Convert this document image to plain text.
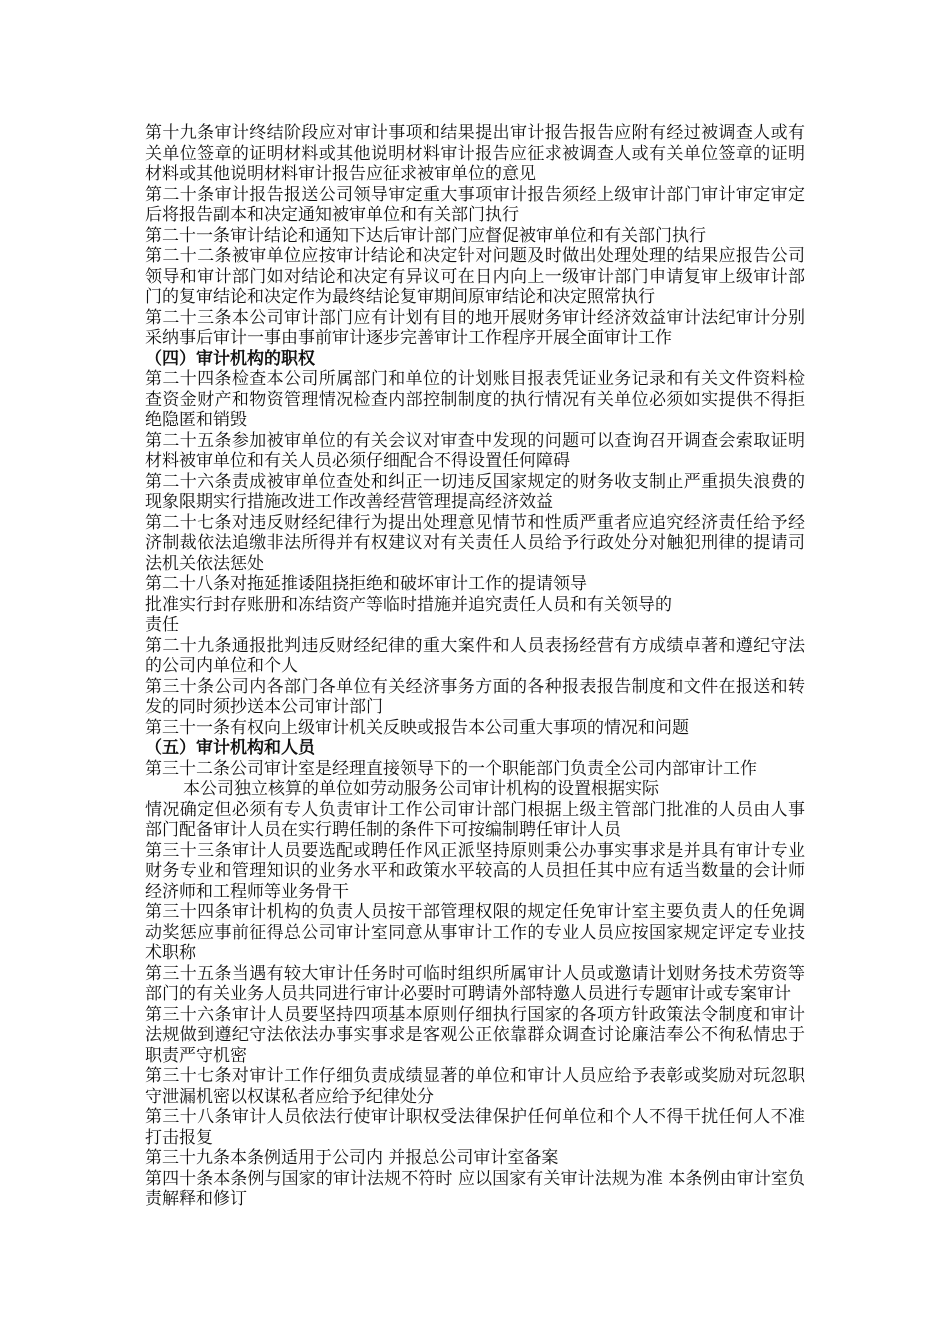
第十九条审计终结阶段应对审计事项和结果提出审计报告报告应附有经过被调查人或有关单位签章的证明材料或其他说明材料审计报告应征求被调查人或有关单位签章的证明材料或其他说明材料审计报告应征求被审单位的意见

第二十条审计报告报送公司领导审定重大事项审计报告须经上级审计部门审计审定审定后将报告副本和决定通知被审单位和有关部门执行

第二十一条审计结论和通知下达后审计部门应督促被审单位和有关部门执行

第二十二条被审单位应按审计结论和决定针对问题及时做出处理处理的结果应报告公司领导和审计部门如对结论和决定有异议可在日内向上一级审计部门申请复审上级审计部门的复审结论和决定作为最终结论复审期间原审结论和决定照常执行

第二十三条本公司审计部门应有计划有目的地开展财务审计经济效益审计法纪审计分别采纳事后审计一事由事前审计逐步完善审计工作程序开展全面审计工作

（四）审计机构的职权

第二十四条检查本公司所属部门和单位的计划账目报表凭证业务记录和有关文件资料检查资金财产和物资管理情况检查内部控制制度的执行情况有关单位必须如实提供不得拒绝隐匿和销毁

第二十五条参加被审单位的有关会议对审查中发现的问题可以查询召开调查会索取证明材料被审单位和有关人员必须仔细配合不得设置任何障碍

第二十六条责成被审单位查处和纠正一切违反国家规定的财务收支制止严重损失浪费的现象限期实行措施改进工作改善经营管理提高经济效益

第二十七条对违反财经纪律行为提出处理意见情节和性质严重者应追究经济责任给予经济制裁依法追缴非法所得并有权建议对有关责任人员给予行政处分对触犯刑律的提请司法机关依法惩处

第二十八条对拖延推诿阻挠拒绝和破坏审计工作的提请领导

批准实行封存账册和冻结资产等临时措施并追究责任人员和有关领导的

责任

第二十九条通报批判违反财经纪律的重大案件和人员表扬经营有方成绩卓著和遵纪守法的公司内单位和个人

第三十条公司内各部门各单位有关经济事务方面的各种报表报告制度和文件在报送和转发的同时须抄送本公司审计部门

第三十一条有权向上级审计机关反映或报告本公司重大事项的情况和问题

（五）审计机构和人员

第三十二条公司审计室是经理直接领导下的一个职能部门负责全公司内部审计工作

本公司独立核算的单位如劳动服务公司审计机构的设置根据实际

情况确定但必须有专人负责审计工作公司审计部门根据上级主管部门批准的人员由人事部门配备审计人员在实行聘任制的条件下可按编制聘任审计人员

第三十三条审计人员要选配或聘任作风正派坚持原则秉公办事实事求是并具有审计专业财务专业和管理知识的业务水平和政策水平较高的人员担任其中应有适当数量的会计师经济师和工程师等业务骨干

第三十四条审计机构的负责人员按干部管理权限的规定任免审计室主要负责人的任免调动奖惩应事前征得总公司审计室同意从事审计工作的专业人员应按国家规定评定专业技术职称

第三十五条当遇有较大审计任务时可临时组织所属审计人员或邀请计划财务技术劳资等部门的有关业务人员共同进行审计必要时可聘请外部特邀人员进行专题审计或专案审计

第三十六条审计人员要坚持四项基本原则仔细执行国家的各项方针政策法令制度和审计法规做到遵纪守法依法办事实事求是客观公正依靠群众调查讨论廉洁奉公不徇私情忠于职责严守机密

第三十七条对审计工作仔细负责成绩显著的单位和审计人员应给予表彰或奖励对玩忽职守泄漏机密以权谋私者应给予纪律处分

第三十八条审计人员依法行使审计职权受法律保护任何单位和个人不得干扰任何人不准打击报复

第三十九条本条例适用于公司内 并报总公司审计室备案

第四十条本条例与国家的审计法规不符时 应以国家有关审计法规为准 本条例由审计室负责解释和修订
